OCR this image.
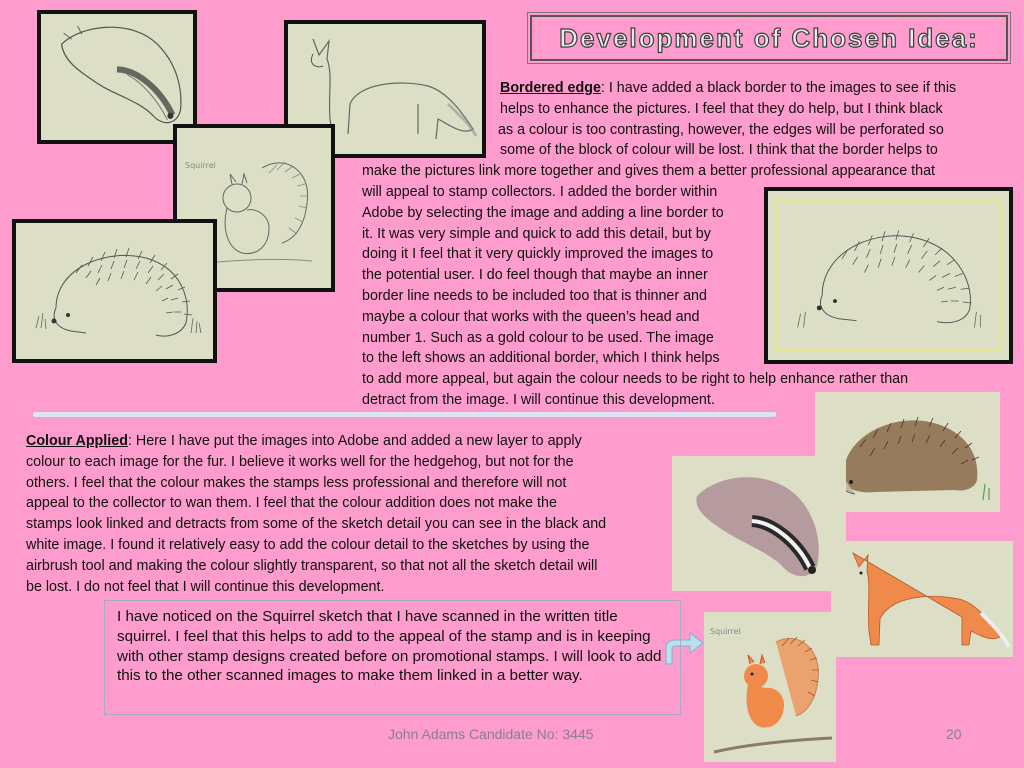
Development of Chosen Idea:
Squirrel
Bordered edge: I have added a black border to the images to see if this
helps to enhance the pictures. I feel that they do help, but I think black
as a colour is too contrasting, however, the edges will be perforated so
some of the block of colour will be lost. I think that the border helps to
make the pictures link more together and gives them a better professional appearance that
will appeal to stamp collectors. I added the border within
Adobe by selecting the image and adding a line border to
it. It was very simple and quick to add this detail, but by
doing it I feel that it very quickly improved the images to
the potential user. I do feel though that maybe an inner
border line needs to be included too that is thinner and
maybe a colour that works with the queen’s head and
number 1. Such as a gold colour to be used. The image
to the left shows an additional border, which I think helps
to add more appeal, but again the colour needs to be right to help enhance rather than
detract from the image. I will continue this development.
Colour Applied: Here I have put the images into Adobe and added a new layer to apply
colour to each image for the fur. I believe it works well for the hedgehog, but not for the
others. I feel that the colour makes the stamps less professional and therefore will not
appeal to the collector to wan them. I feel that the colour addition does not make the
stamps look linked and detracts from some of the sketch detail you can see in the black and
white image. I found it relatively easy to add the colour detail to the sketches by using the
airbrush tool and making the colour slightly transparent, so that not all the sketch detail will
be lost. I do not feel that I will continue this development.
Squirrel

I have noticed on the Squirrel sketch that I have scanned in the written title squirrel. I feel that this helps to add to the appeal of the stamp and is in keeping with other stamp designs created before on promotional stamps. I will look to add this to the other scanned images to make them linked in a better way.

John Adams Candidate No: 3445	20
